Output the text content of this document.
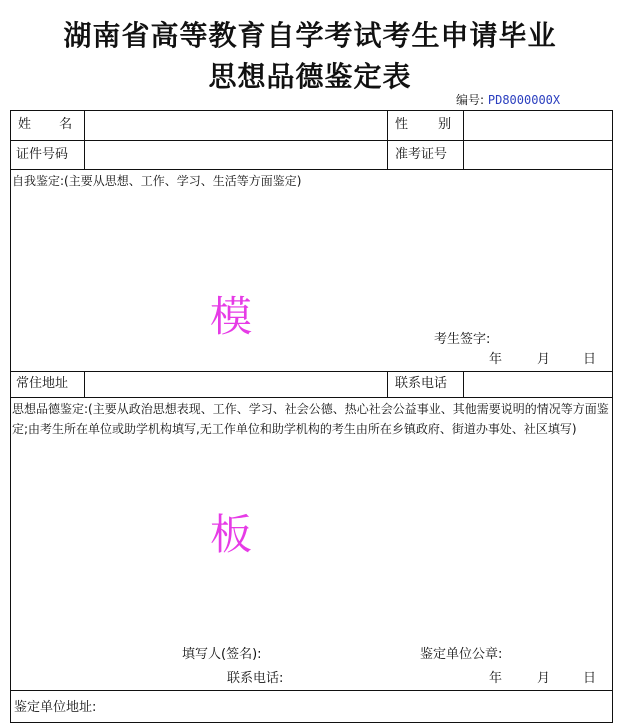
湖南省高等教育自学考试考生申请毕业
思想品德鉴定表
编号: PD8000000X
姓 名	性 别
证件号码	准考证号
自我鉴定:(主要从思想、工作、学习、生活等方面鉴定)
模	考生签字:
年	月	日
常住地址	联系电话
思想品德鉴定:(主要从政治思想表现、工作、学习、社会公德、热心社会公益事业、其他需要说明的情况等方面鉴定;由考生所在单位或助学机构填写,无工作单位和助学机构的考生由所在乡镇政府、街道办事处、社区填写)
板
填写人(签名):	鉴定单位公章:
联系电话:	年	月	日
鉴定单位地址:
